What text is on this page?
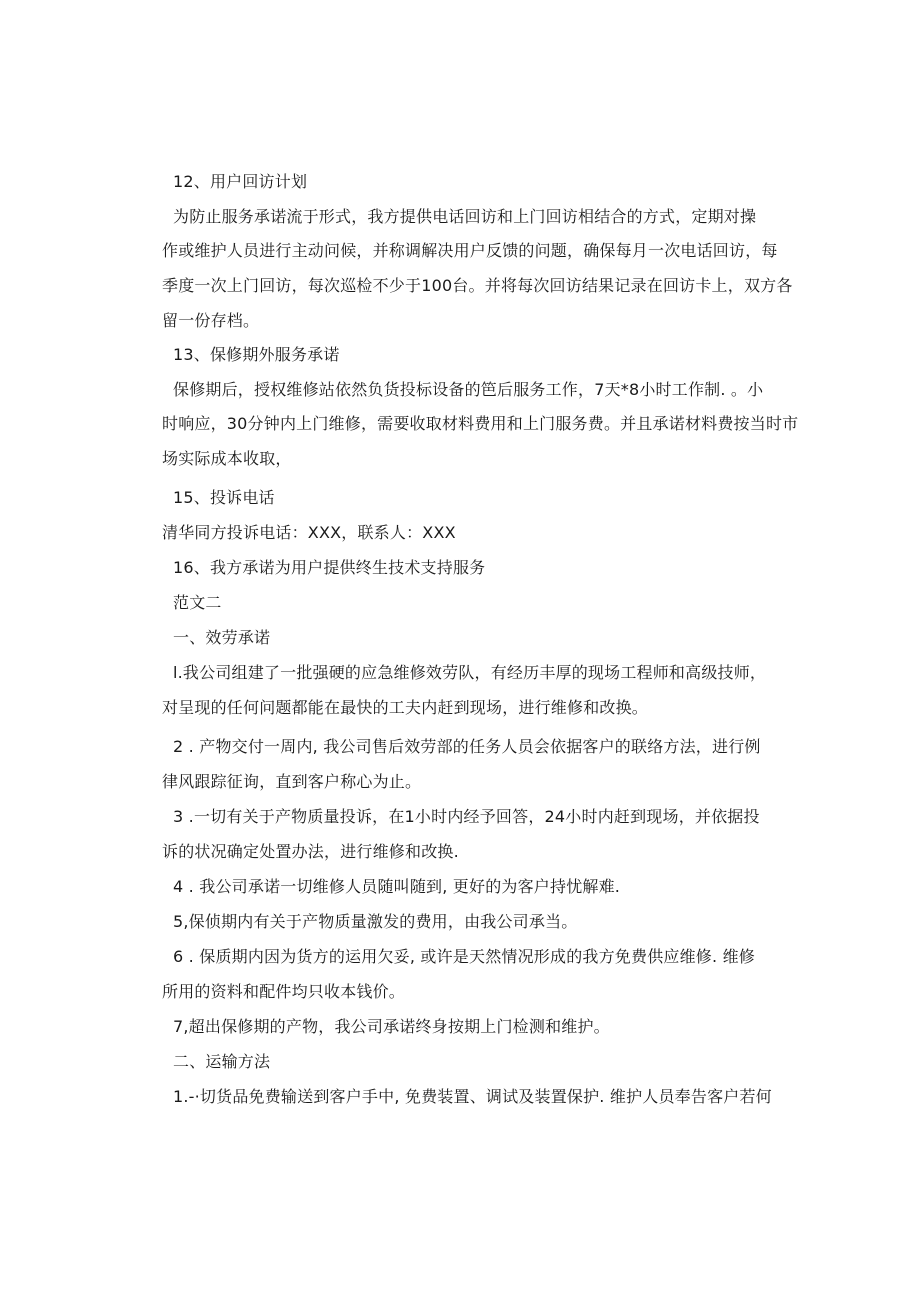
12、用户回访计划
为防止服务承诺流于形式，我方提供电话回访和上门回访相结合的方式，定期对操
作或维护人员进行主动问候，并称调解决用户反馈的问题，确保每月一次电话回访，每
季度一次上门回访，每次巡检不少于100台。并将每次回访结果记录在回访卡上，双方各
留一份存档。
13、保修期外服务承诺
保修期后，授权维修站依然负货投标设备的笆后服务工作，7天*8小时工作制. 。小
时响应，30分钟内上门维修，需要收取材料费用和上门服务费。并且承诺材料费按当时市
场实际成本收取，
15、投诉电话
清华同方投诉电话：XXX，联系人：XXX
16、我方承诺为用户提供终生技术支持服务
范文二
一、效劳承诺
l.我公司组建了一批强硬的应急维修效劳队，有经历丰厚的现场工程师和高级技师，
对呈现的任何问题都能在最快的工夫内赶到现场，进行维修和改换。
2 . 产物交付一周内, 我公司售后效劳部的任务人员会依据客户的联络方法，进行例
律风跟踪征询，直到客户称心为止。
3 .一切有关于产物质量投诉，在1小时内经予回答，24小时内赶到现场，并依据投
诉的状况确定处置办法，进行维修和改换.
4 . 我公司承诺一切维修人员随叫随到, 更好的为客户持忧解难.
5,保侦期内有关于产物质量激发的费用，由我公司承当。
6 . 保质期内因为货方的运用欠妥, 或许是天然情况形成的我方免费供应维修. 维修
所用的资料和配件均只收本钱价。
7,超出保修期的产物，我公司承诺终身按期上门检测和维护。
二、运输方法
1.-·切货品免费输送到客户手中, 免费装置、调试及装置保护. 维护人员奉告客户若何
